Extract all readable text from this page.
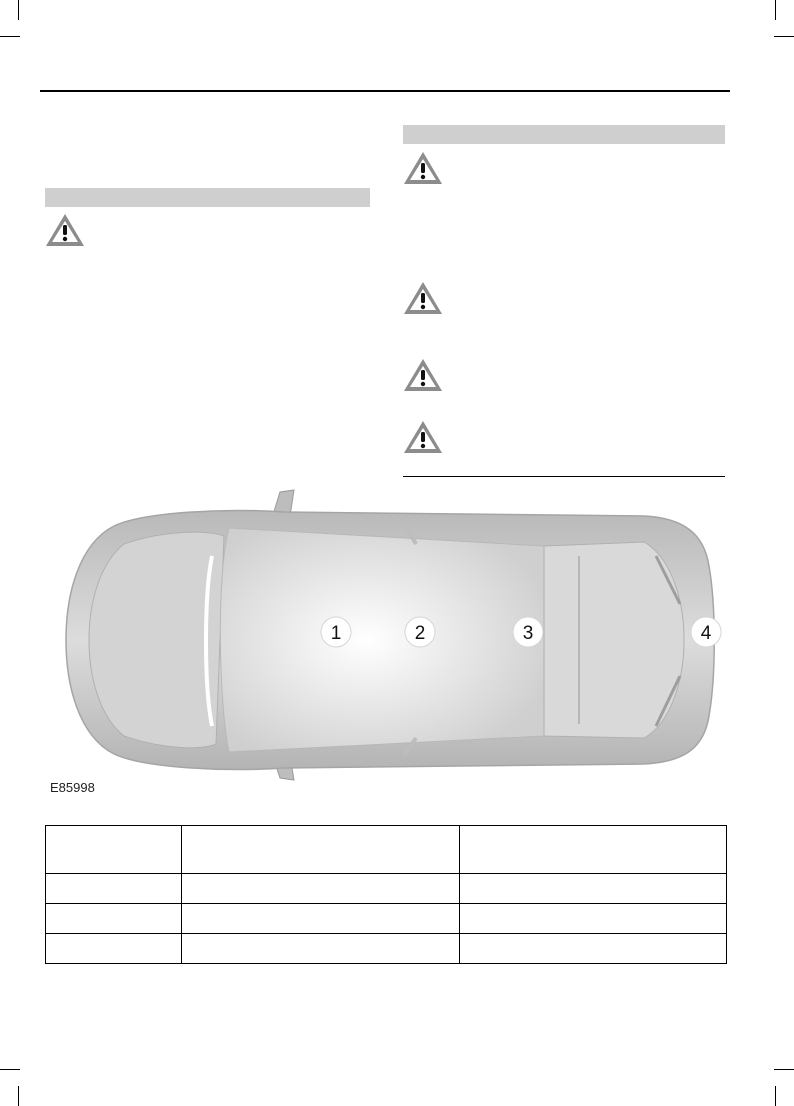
1	2	3	4
E85998
